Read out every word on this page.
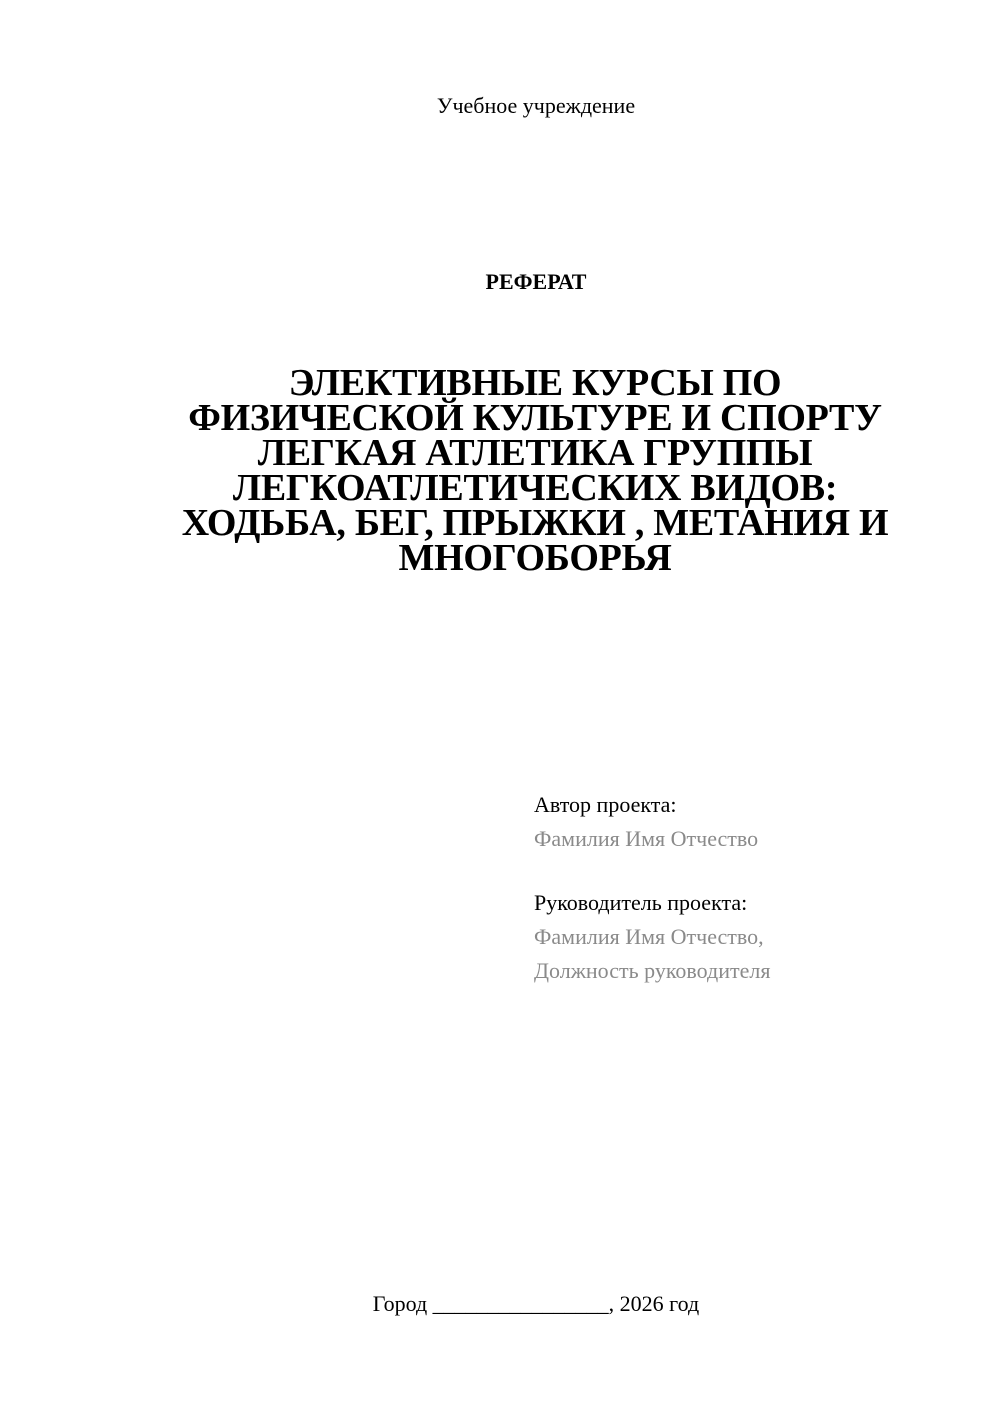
Учебное учреждение
РЕФЕРАТ
ЭЛЕКТИВНЫЕ КУРСЫ ПО
ФИЗИЧЕСКОЙ КУЛЬТУРЕ И СПОРТУ
ЛЕГКАЯ АТЛЕТИКА ГРУППЫ
ЛЕГКОАТЛЕТИЧЕСКИХ ВИДОВ:
ХОДЬБА, БЕГ, ПРЫЖКИ , МЕТАНИЯ И
МНОГОБОРЬЯ
Автор проекта:
Фамилия Имя Отчество
Руководитель проекта:
Фамилия Имя Отчество,
Должность руководителя
Город ________________, 2026 год
